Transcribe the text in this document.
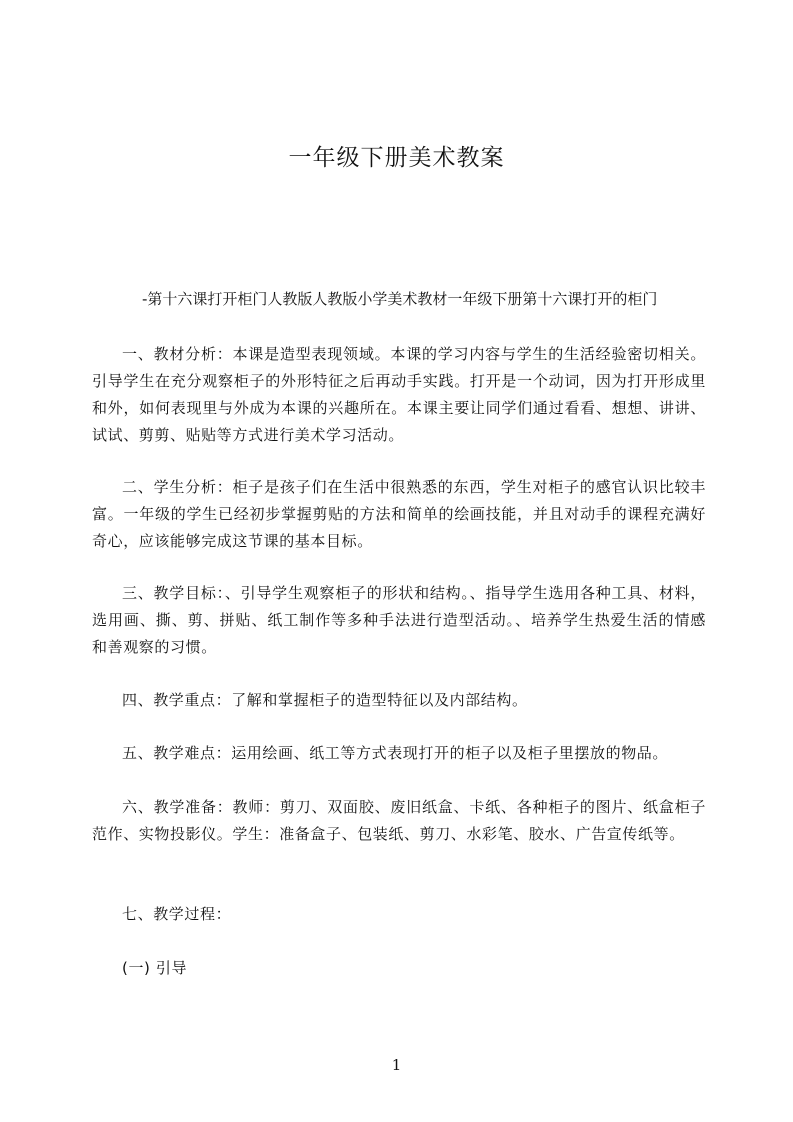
一年级下册美术教案

-第十六课打开柜门人教版人教版小学美术教材一年级下册第十六课打开的柜门

一、教材分析：本课是造型表现领域。本课的学习内容与学生的生活经验密切相关。引导学生在充分观察柜子的外形特征之后再动手实践。打开是一个动词，因为打开形成里和外，如何表现里与外成为本课的兴趣所在。本课主要让同学们通过看看、想想、讲讲、试试、剪剪、贴贴等方式进行美术学习活动。

二、学生分析：柜子是孩子们在生活中很熟悉的东西，学生对柜子的感官认识比较丰富。一年级的学生已经初步掌握剪贴的方法和简单的绘画技能，并且对动手的课程充满好奇心，应该能够完成这节课的基本目标。

三、教学目标：、引导学生观察柜子的形状和结构。、指导学生选用各种工具、材料，选用画、撕、剪、拼贴、纸工制作等多种手法进行造型活动。、培养学生热爱生活的情感和善观察的习惯。

四、教学重点：了解和掌握柜子的造型特征以及内部结构。

五、教学难点：运用绘画、纸工等方式表现打开的柜子以及柜子里摆放的物品。

六、教学准备：教师：剪刀、双面胶、废旧纸盒、卡纸、各种柜子的图片、纸盒柜子范作、实物投影仪。学生：准备盒子、包装纸、剪刀、水彩笔、胶水、广告宣传纸等。

七、教学过程：

(一) 引导

1
